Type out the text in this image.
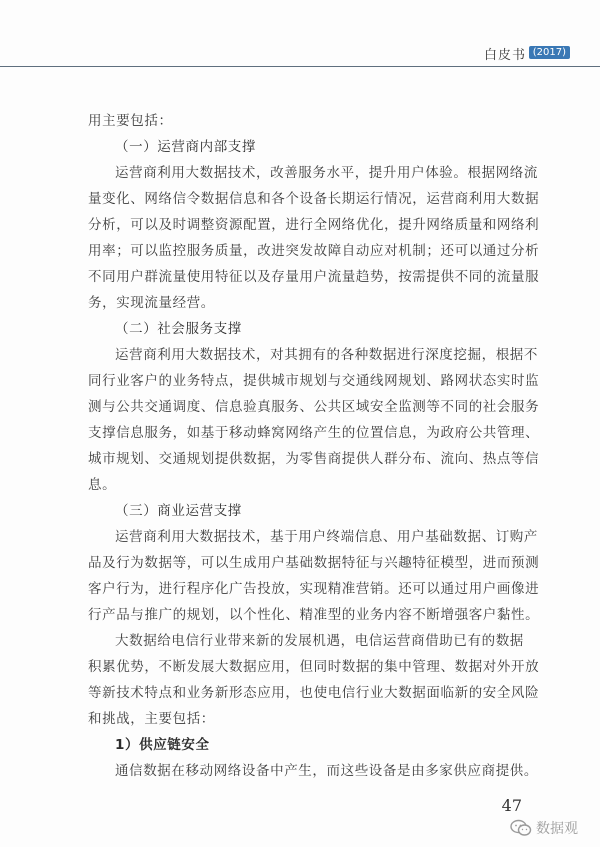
白皮书 (2017)
用主要包括：
（一）运营商内部支撑
运营商利用大数据技术，改善服务水平，提升用户体验。根据网络流
量变化、网络信令数据信息和各个设备长期运行情况，运营商利用大数据
分析，可以及时调整资源配置，进行全网络优化，提升网络质量和网络利
用率；可以监控服务质量，改进突发故障自动应对机制；还可以通过分析
不同用户群流量使用特征以及存量用户流量趋势，按需提供不同的流量服
务，实现流量经营。
（二）社会服务支撑
运营商利用大数据技术，对其拥有的各种数据进行深度挖掘，根据不
同行业客户的业务特点，提供城市规划与交通线网规划、路网状态实时监
测与公共交通调度、信息验真服务、公共区域安全监测等不同的社会服务
支撑信息服务，如基于移动蜂窝网络产生的位置信息，为政府公共管理、
城市规划、交通规划提供数据，为零售商提供人群分布、流向、热点等信
息。
（三）商业运营支撑
运营商利用大数据技术，基于用户终端信息、用户基础数据、订购产
品及行为数据等，可以生成用户基础数据特征与兴趣特征模型，进而预测
客户行为，进行程序化广告投放，实现精准营销。还可以通过用户画像进
行产品与推广的规划，以个性化、精准型的业务内容不断增强客户黏性。
大数据给电信行业带来新的发展机遇，电信运营商借助已有的数据
积累优势，不断发展大数据应用，但同时数据的集中管理、数据对外开放
等新技术特点和业务新形态应用，也使电信行业大数据面临新的安全风险
和挑战，主要包括：
1）供应链安全
通信数据在移动网络设备中产生，而这些设备是由多家供应商提供。
47
数据观
